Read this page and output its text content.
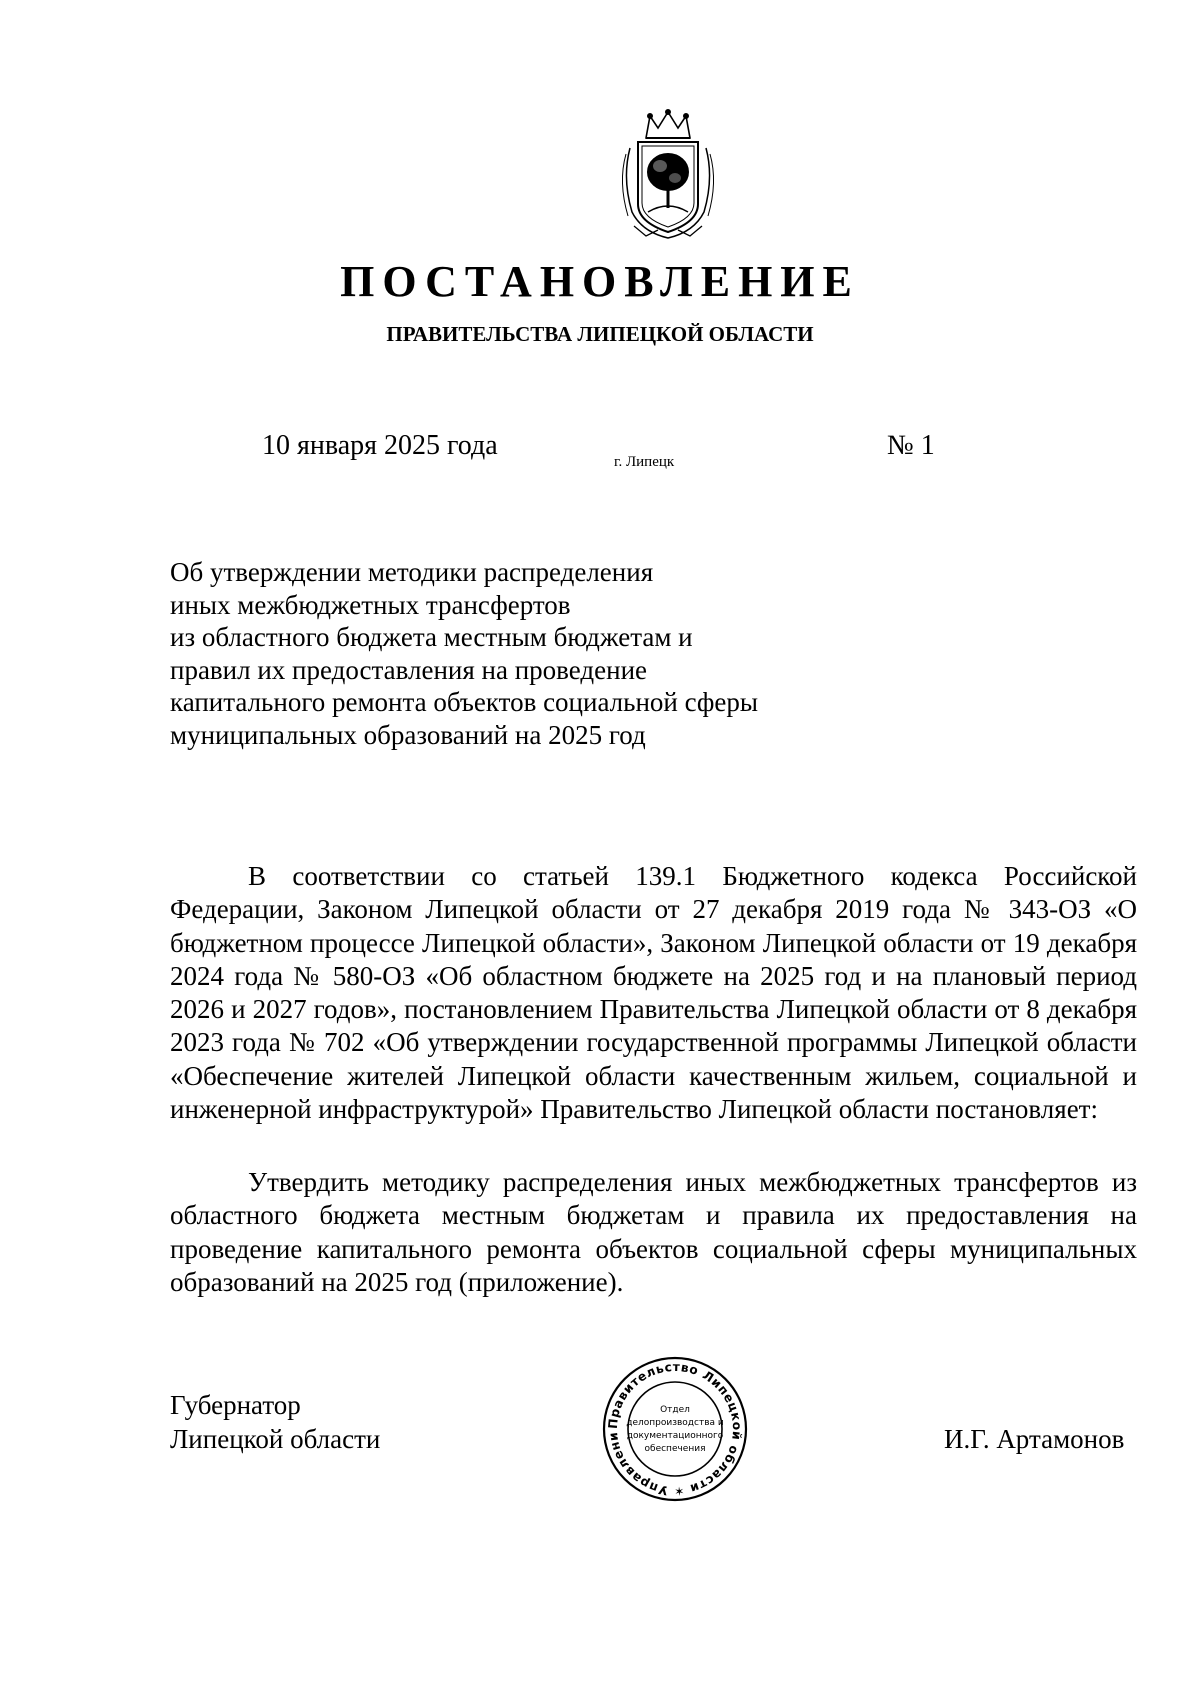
ПОСТАНОВЛЕНИЕ
ПРАВИТЕЛЬСТВА ЛИПЕЦКОЙ ОБЛАСТИ
10 января 2025 года
г. Липецк
№ 1
Об утверждении методики распределения
иных межбюджетных трансфертов
из областного бюджета местным бюджетам и
правил их предоставления на проведение
капитального ремонта объектов социальной сферы
муниципальных образований на 2025 год
В соответствии со статьей 139.1 Бюджетного кодекса Российской Федерации, Законом Липецкой области от 27 декабря 2019 года № 343-ОЗ «О бюджетном процессе Липецкой области», Законом Липецкой области от 19 декабря 2024 года № 580-ОЗ «Об областном бюджете на 2025 год и на плановый период 2026 и 2027 годов», постановлением Правительства Липецкой области от 8 декабря 2023 года № 702 «Об утверждении государственной программы Липецкой области «Обеспечение жителей Липецкой области качественным жильем, социальной и инженерной инфраструктурой» Правительство Липецкой области постановляет:
Утвердить методику распределения иных межбюджетных трансфертов из областного бюджета местным бюджетам и правила их предоставления на проведение капитального ремонта объектов социальной сферы муниципальных образований на 2025 год (приложение).
Губернатор
Липецкой области	И.Г. Артамонов
Правительство Липецкой области ✶ Управлени
Отдел
делопроизводства и
документационного
обеспечения
